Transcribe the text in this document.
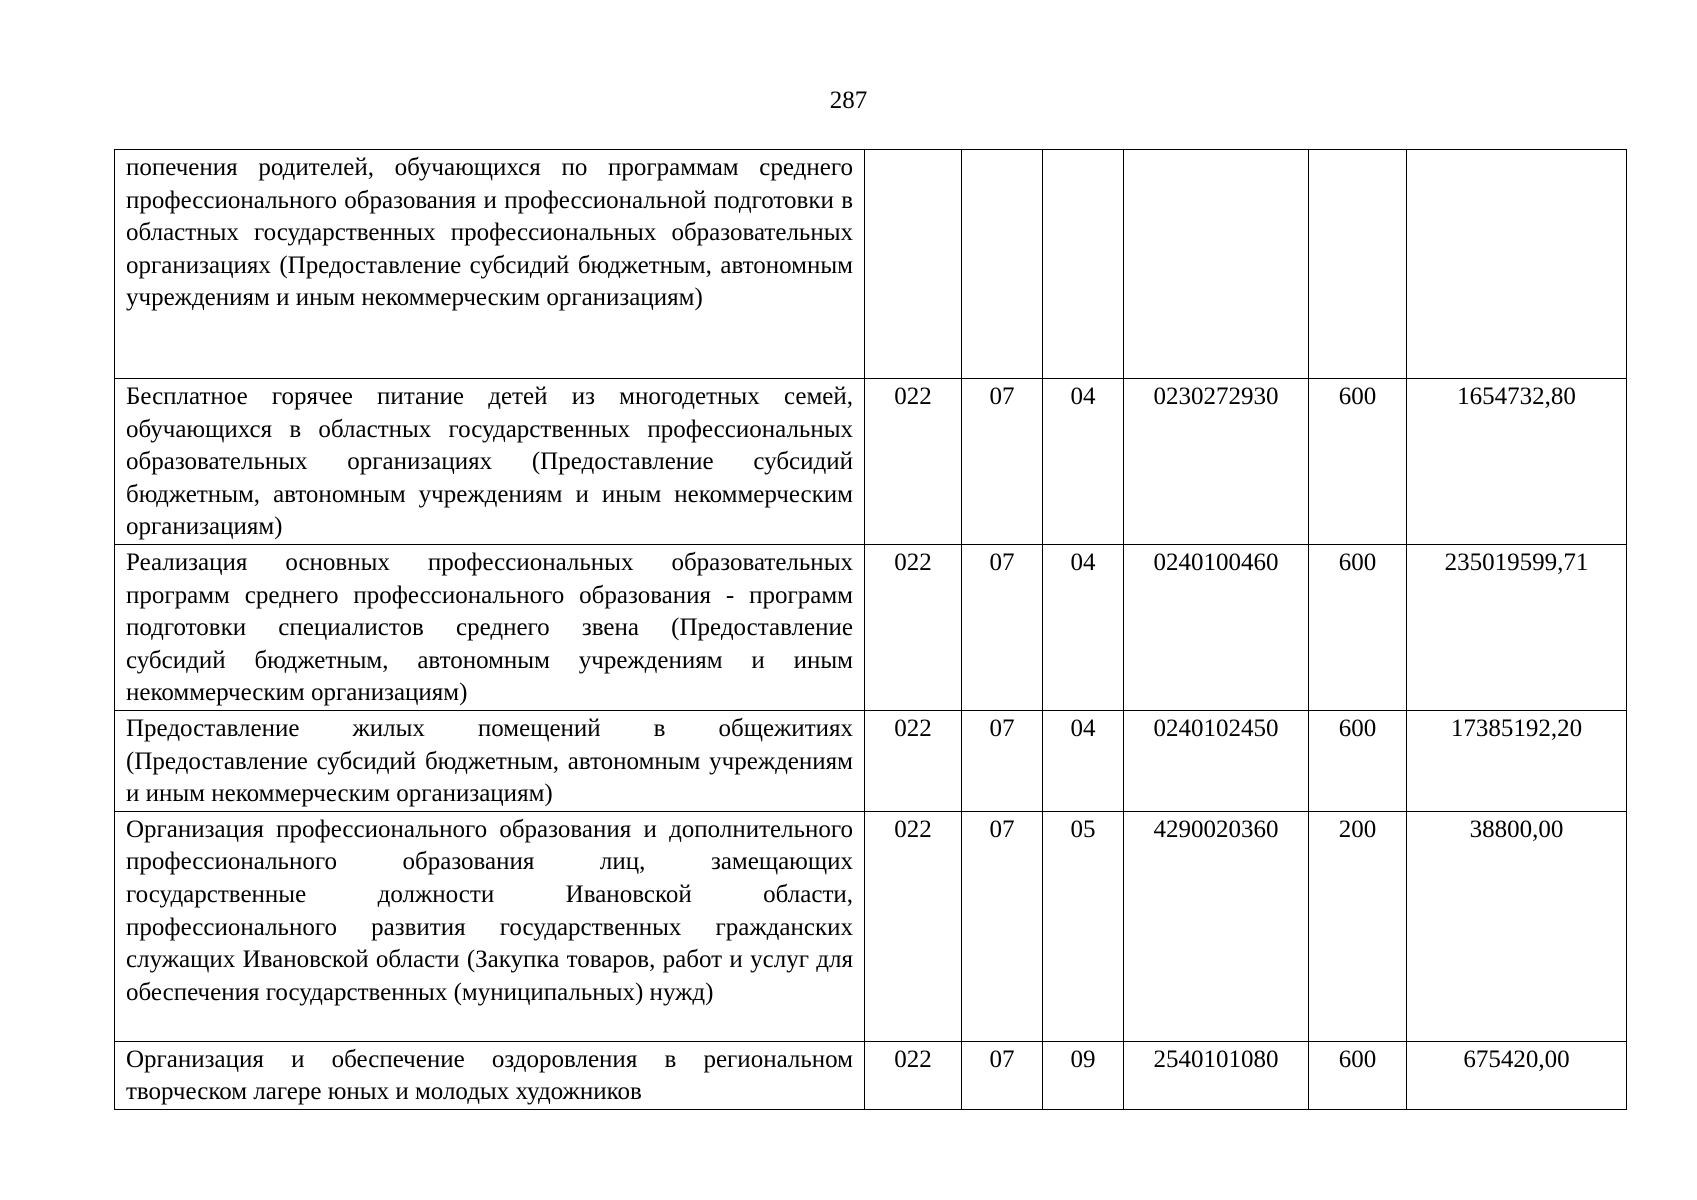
287
попечения родителей, обучающихся по программам среднего профессионального образования и профессиональной подготовки в областных государственных профессиональных образовательных организациях (Предоставление субсидий бюджетным, автономным учреждениям и иным некоммерческим организациям)						

Бесплатное горячее питание детей из многодетных семей, обучающихся в областных государственных профессиональных образовательных организациях (Предоставление субсидий бюджетным, автономным учреждениям и иным некоммерческим организациям)	022	07	04	0230272930	600	1654732,80

Реализация основных профессиональных образовательных программ среднего профессионального образования - программ подготовки специалистов среднего звена (Предоставление субсидий бюджетным, автономным учреждениям и иным некоммерческим организациям)	022	07	04	0240100460	600	235019599,71

Предоставление жилых помещений в общежитиях (Предоставление субсидий бюджетным, автономным учреждениям и иным некоммерческим организациям)	022	07	04	0240102450	600	17385192,20

Организация профессионального образования и дополнительного профессионального образования лиц, замещающих государственные должности Ивановской области, профессионального развития государственных гражданских служащих Ивановской области (Закупка товаров, работ и услуг для обеспечения государственных (муниципальных) нужд)	022	07	05	4290020360	200	38800,00

Организация и обеспечение оздоровления в региональном творческом лагере юных и молодых художников	022	07	09	2540101080	600	675420,00
